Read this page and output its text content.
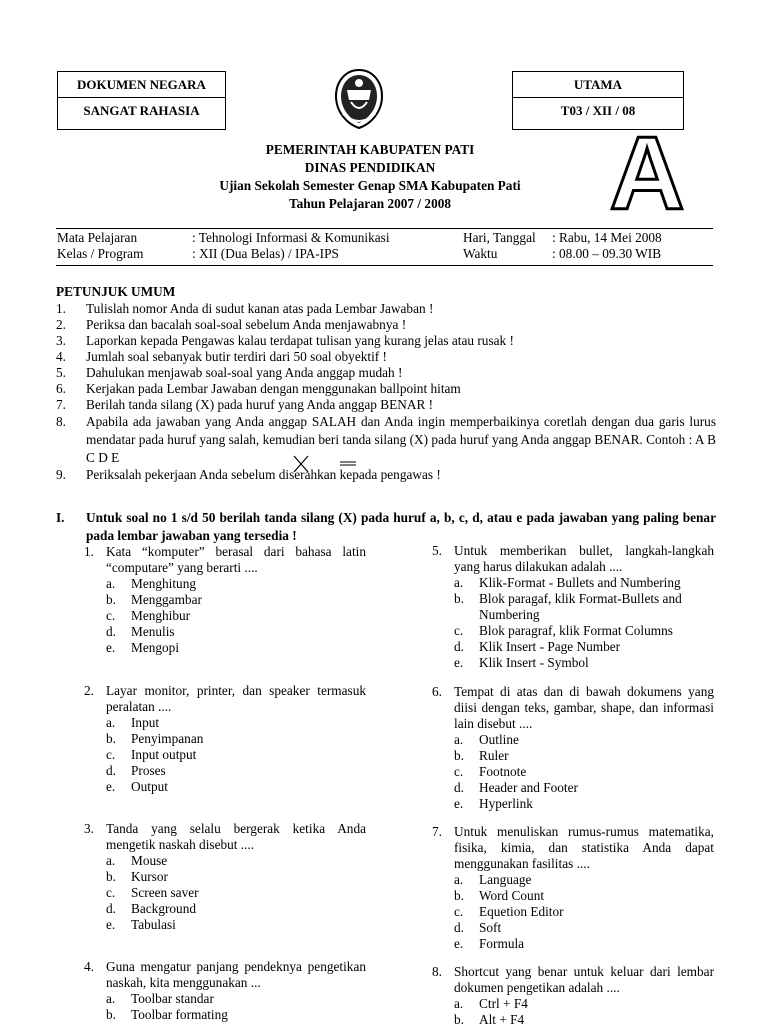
DOKUMEN NEGARA
SANGAT RAHASIA
UTAMA
T03 / XII / 08
PEMERINTAH KABUPATEN PATI
DINAS PENDIDIKAN
Ujian Sekolah Semester Genap SMA Kabupaten Pati
Tahun Pelajaran 2007 / 2008	A
Mata Pelajaran	: Tehnologi Informasi & Komunikasi	Hari, Tanggal : Rabu, 14 Mei 2008
Kelas / Program	: XII (Dua Belas) / IPA-IPS	Waktu	: 08.00 – 09.30 WIB
PETUNJUK UMUM
1.	Tulislah nomor Anda di sudut kanan atas pada Lembar Jawaban !
2.	Periksa dan bacalah soal-soal sebelum Anda menjawabnya !
3.	Laporkan kepada Pengawas kalau terdapat tulisan yang kurang jelas atau rusak !
4.	Jumlah soal sebanyak butir terdiri dari 50 soal obyektif !
5.	Dahulukan menjawab soal-soal yang Anda anggap mudah !
6.	Kerjakan pada Lembar Jawaban dengan menggunakan ballpoint hitam
7.	Berilah tanda silang (X) pada huruf yang Anda anggap BENAR !
8.	Apabila ada jawaban yang Anda anggap SALAH dan Anda ingin memperbaikinya coretlah dengan dua garis lurus mendatar pada huruf yang salah, kemudian beri tanda silang (X) pada huruf yang Anda anggap BENAR. Contoh : A B C D E
9.	Periksalah pekerjaan Anda sebelum diserahkan kepada pengawas !
I.	Untuk soal no 1 s/d 50 berilah tanda silang (X) pada huruf a, b, c, d, atau e pada jawaban yang paling benar pada lembar jawaban yang tersedia !
1. Kata “komputer” berasal dari bahasa latin “computare” yang berarti ....
a.	Menghitung
b.	Menggambar
c.	Menghibur
d.	Menulis
e.	Mengopi
2. Layar monitor, printer, dan speaker termasuk peralatan ....
a.	Input
b.	Penyimpanan
c.	Input output
d.	Proses
e.	Output
3. Tanda yang selalu bergerak ketika Anda mengetik naskah disebut ....
a.	Mouse
b.	Kursor
c.	Screen saver
d.	Background
e.	Tabulasi
4. Guna mengatur panjang pendeknya pengetikan naskah, kita menggunakan ...
a.	Toolbar standar
b.	Toolbar formating
5. Untuk memberikan bullet, langkah-langkah yang harus dilakukan adalah ....
a.	Klik-Format - Bullets and Numbering
b.	Blok paragaf, klik Format-Bullets and Numbering
c.	Blok paragraf, klik Format Columns
d.	Klik Insert - Page Number
e.	Klik Insert - Symbol
6. Tempat di atas dan di bawah dokumens yang diisi dengan teks, gambar, shape, dan informasi lain disebut ....
a.	Outline
b.	Ruler
c.	Footnote
d.	Header and Footer
e.	Hyperlink
7. Untuk menuliskan rumus-rumus matematika, fisika, kimia, dan statistika Anda dapat menggunakan fasilitas ....
a.	Language
b.	Word Count
c.	Equetion Editor
d.	Soft
e.	Formula
8. Shortcut yang benar untuk keluar dari lembar dokumen pengetikan adalah ....
a.	Ctrl + F4
b.	Alt + F4
